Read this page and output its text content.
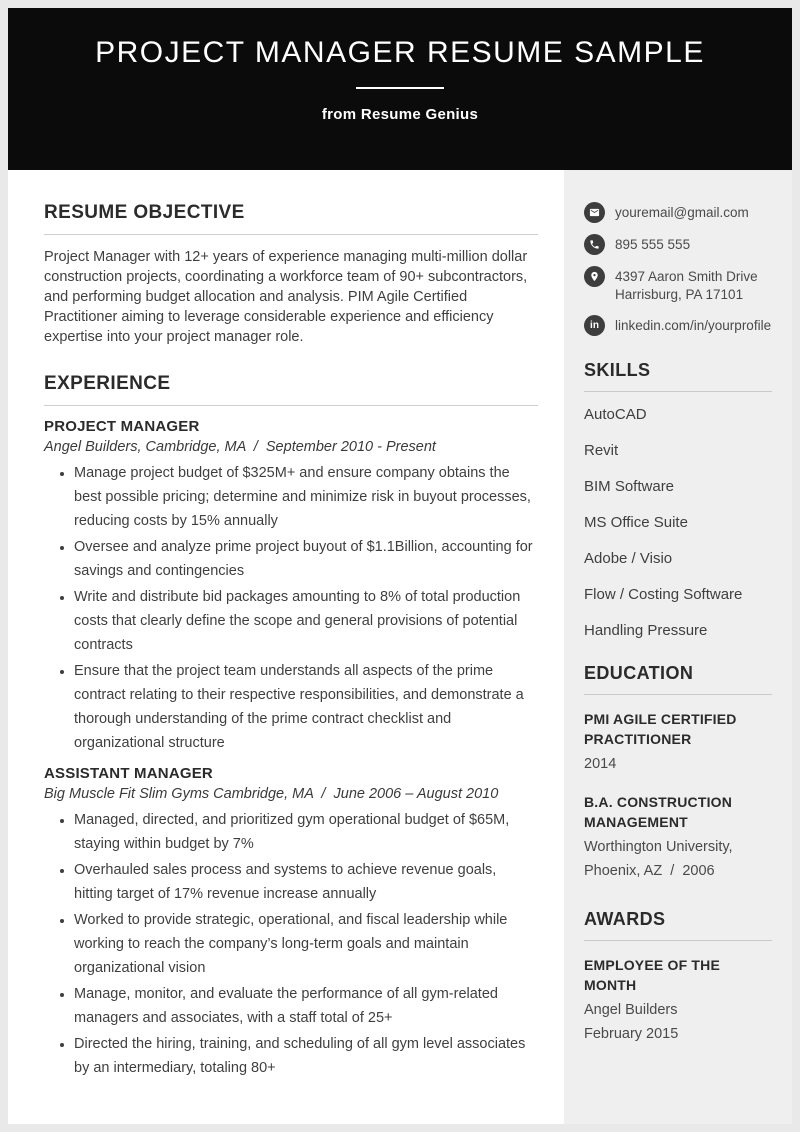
PROJECT MANAGER RESUME SAMPLE
from Resume Genius
RESUME OBJECTIVE

Project Manager with 12+ years of experience managing multi-million dollar construction projects, coordinating a workforce team of 90+ subcontractors, and performing budget allocation and analysis. PIM Agile Certified Practitioner aiming to leverage considerable experience and efficiency expertise into your project manager role.

EXPERIENCE
PROJECT MANAGER
Angel Builders, Cambridge, MA  /  September 2010 - Present
• Manage project budget of $325M+ and ensure company obtains the best possible pricing; determine and minimize risk in buyout processes, reducing costs by 15% annually
• Oversee and analyze prime project buyout of $1.1Billion, accounting for savings and contingencies
• Write and distribute bid packages amounting to 8% of total production costs that clearly define the scope and general provisions of potential contracts
• Ensure that the project team understands all aspects of the prime contract relating to their respective responsibilities, and demonstrate a thorough understanding of the prime contract checklist and organizational structure
ASSISTANT MANAGER
Big Muscle Fit Slim Gyms Cambridge, MA  /  June 2006 – August 2010
• Managed, directed, and prioritized gym operational budget of $65M, staying within budget by 7%
• Overhauled sales process and systems to achieve revenue goals, hitting target of 17% revenue increase annually
• Worked to provide strategic, operational, and fiscal leadership while working to reach the company’s long-term goals and maintain organizational vision
• Manage, monitor, and evaluate the performance of all gym-related managers and associates, with a staff total of 25+
• Directed the hiring, training, and scheduling of all gym level associates by an intermediary, totaling 80+
youremail@gmail.com
895 555 555
4397 Aaron Smith Drive
Harrisburg, PA 17101
in	linkedin.com/in/yourprofile
SKILLS
AutoCAD
Revit
BIM Software
MS Office Suite
Adobe / Visio
Flow / Costing Software
Handling Pressure
EDUCATION
PMI AGILE CERTIFIED PRACTITIONER
2014
B.A. CONSTRUCTION MANAGEMENT
Worthington University,
Phoenix, AZ  /  2006
AWARDS
EMPLOYEE OF THE MONTH
Angel Builders
February 2015
